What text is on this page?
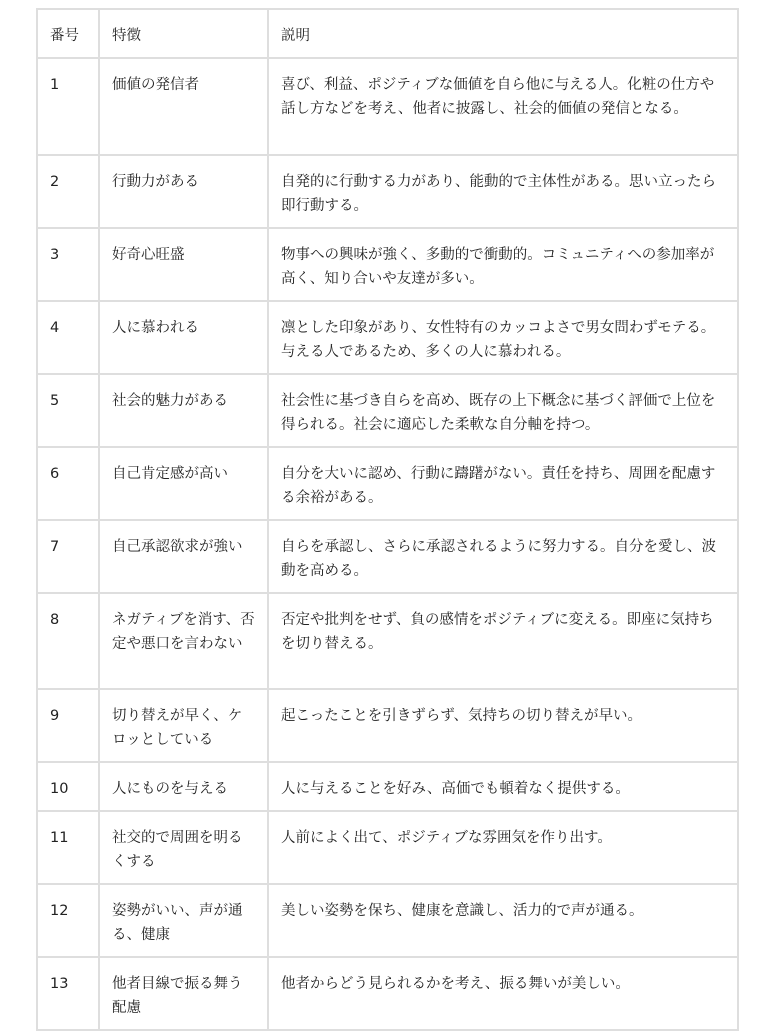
番号	特徴	説明
1	価値の発信者	喜び、利益、ポジティブな価値を自ら他に与える人。化粧の仕方や話し方などを考え、他者に披露し、社会的価値の発信となる。
2	行動力がある	自発的に行動する力があり、能動的で主体性がある。思い立ったら即行動する。
3	好奇心旺盛	物事への興味が強く、多動的で衝動的。コミュニティへの参加率が高く、知り合いや友達が多い。
4	人に慕われる	凛とした印象があり、女性特有のカッコよさで男女問わずモテる。与える人であるため、多くの人に慕われる。
5	社会的魅力がある	社会性に基づき自らを高め、既存の上下概念に基づく評価で上位を得られる。社会に適応した柔軟な自分軸を持つ。
6	自己肯定感が高い	自分を大いに認め、行動に躊躇がない。責任を持ち、周囲を配慮する余裕がある。
7	自己承認欲求が強い	自らを承認し、さらに承認されるように努力する。自分を愛し、波動を高める。
8	ネガティブを消す、否定や悪口を言わない	否定や批判をせず、負の感情をポジティブに変える。即座に気持ちを切り替える。
9	切り替えが早く、ケロッとしている	起こったことを引きずらず、気持ちの切り替えが早い。
10	人にものを与える	人に与えることを好み、高価でも頓着なく提供する。
11	社交的で周囲を明るくする	人前によく出て、ポジティブな雰囲気を作り出す。
12	姿勢がいい、声が通る、健康	美しい姿勢を保ち、健康を意識し、活力的で声が通る。
13	他者目線で振る舞う配慮	他者からどう見られるかを考え、振る舞いが美しい。
